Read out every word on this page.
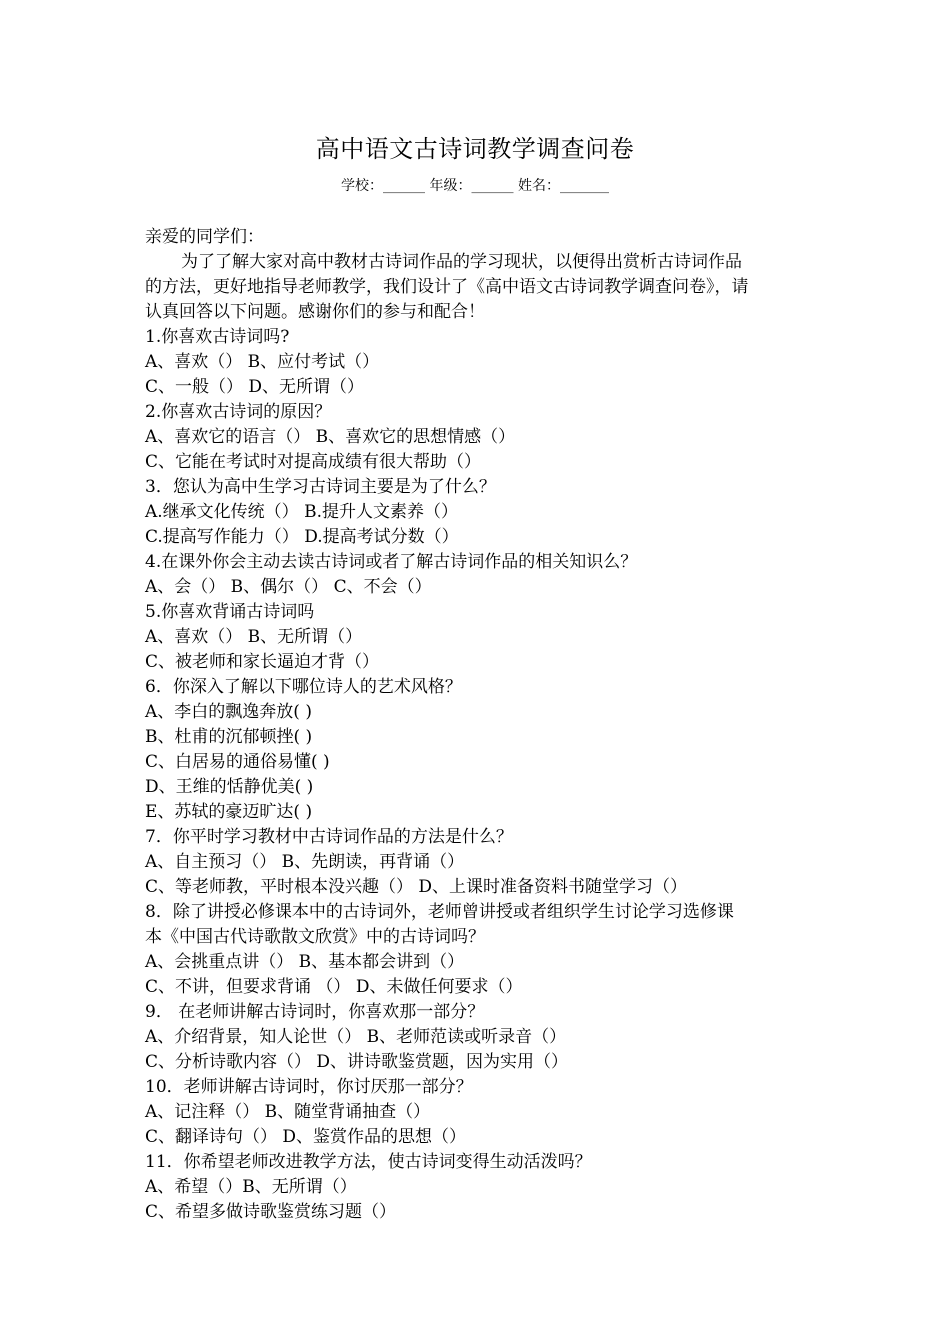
高中语文古诗词教学调查问卷
学校：______ 年级：______ 姓名：_______
亲爱的同学们：
为了了解大家对高中教材古诗词作品的学习现状，以便得出赏析古诗词作品
的方法，更好地指导老师教学，我们设计了《高中语文古诗词教学调查问卷》，请
认真回答以下问题。感谢你们的参与和配合！
1.你喜欢古诗词吗?
A、喜欢（） B、应付考试（）
C、一般（） D、无所谓（）
2.你喜欢古诗词的原因？
A、喜欢它的语言（） B、喜欢它的思想情感（）
C、它能在考试时对提高成绩有很大帮助（）
3．您认为高中生学习古诗词主要是为了什么？
A.继承文化传统（） B.提升人文素养（）
C.提高写作能力（） D.提高考试分数（）
4.在课外你会主动去读古诗词或者了解古诗词作品的相关知识么？
A、会（） B、偶尔（） C、不会（）
5.你喜欢背诵古诗词吗
A、喜欢（） B、无所谓（）
C、被老师和家长逼迫才背（）
6．你深入了解以下哪位诗人的艺术风格？
A、李白的飘逸奔放( )
B、杜甫的沉郁顿挫( )
C、白居易的通俗易懂( )
D、王维的恬静优美( )
E、苏轼的豪迈旷达( )
7．你平时学习教材中古诗词作品的方法是什么？
A、自主预习（） B、先朗读，再背诵（）
C、等老师教，平时根本没兴趣（） D、上课时准备资料书随堂学习（）
8．除了讲授必修课本中的古诗词外，老师曾讲授或者组织学生讨论学习选修课
本《中国古代诗歌散文欣赏》中的古诗词吗？
A、会挑重点讲（） B、基本都会讲到（）
C、不讲，但要求背诵 （） D、未做任何要求（）
9． 在老师讲解古诗词时，你喜欢那一部分？
A、介绍背景，知人论世（） B、老师范读或听录音（）
C、分析诗歌内容（） D、讲诗歌鉴赏题，因为实用（）
10．老师讲解古诗词时，你讨厌那一部分？
A、记注释（） B、随堂背诵抽查（）
C、翻译诗句（） D、鉴赏作品的思想（）
11．你希望老师改进教学方法，使古诗词变得生动活泼吗？
A、希望（）B、无所谓（）
C、希望多做诗歌鉴赏练习题（）
